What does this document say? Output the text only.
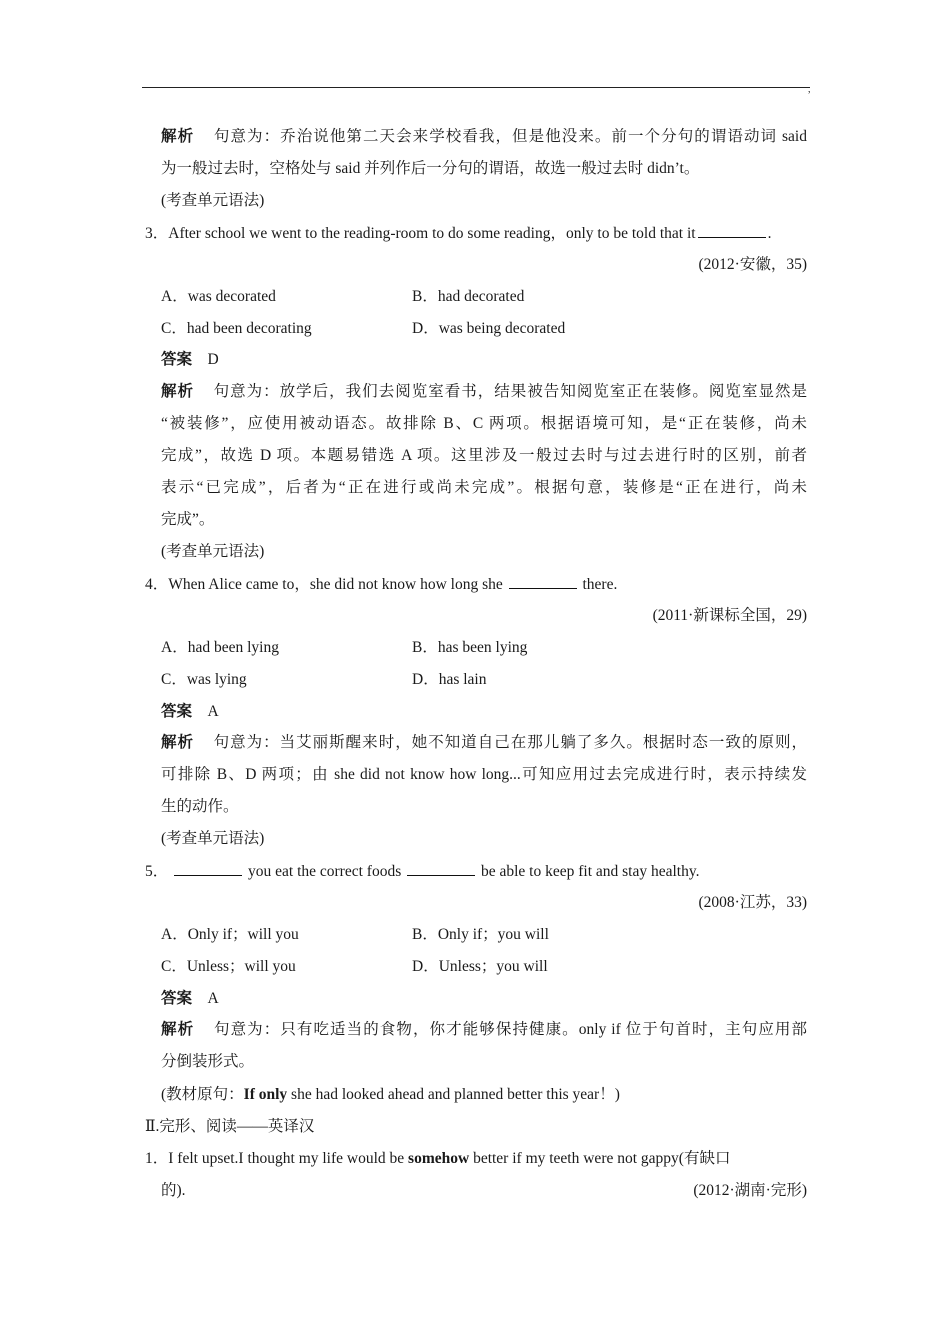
,
解析 句意为：乔治说他第二天会来学校看我，但是他没来。前一个分句的谓语动词 said
为一般过去时，空格处与 said 并列作后一分句的谓语，故选一般过去时 didn’t。
(考查单元语法)
3．After school we went to the reading-room to do some reading，only to be told that it	.
(2012·安徽，35)
A．was decorated	B．had decorated
C．had been decorating	D．was being decorated
答案 D
解析 句意为：放学后，我们去阅览室看书，结果被告知阅览室正在装修。阅览室显然是
“被装修”，应使用被动语态。故排除 B、C 两项。根据语境可知，是“正在装修，尚未
完成”，故选 D 项。本题易错选 A 项。这里涉及一般过去时与过去进行时的区别，前者
表示“已完成”，后者为“正在进行或尚未完成”。根据句意，装修是“正在进行，尚未
完成”。
(考查单元语法)
4．When Alice came to，she did not know how long she	there.
(2011·新课标全国，29)
A．had been lying	B．has been lying
C．was lying	D．has lain
答案 A
解析 句意为：当艾丽斯醒来时，她不知道自己在那儿躺了多久。根据时态一致的原则，
可排除 B、D 两项；由 she did not know how long...可知应用过去完成进行时，表示持续发
生的动作。
(考查单元语法)
5．	you eat the correct foods	be able to keep fit and stay healthy.
(2008·江苏，33)
A．Only if；will you	B．Only if；you will
C．Unless；will you	D．Unless；you will
答案 A
解析 句意为：只有吃适当的食物，你才能够保持健康。only if 位于句首时，主句应用部
分倒装形式。
(教材原句：If only she had looked ahead and planned better this year！)
Ⅱ.完形、阅读——英译汉
1．I felt upset.I thought my life would be somehow better if my teeth were not gappy(有缺口
的).	(2012·湖南·完形)
